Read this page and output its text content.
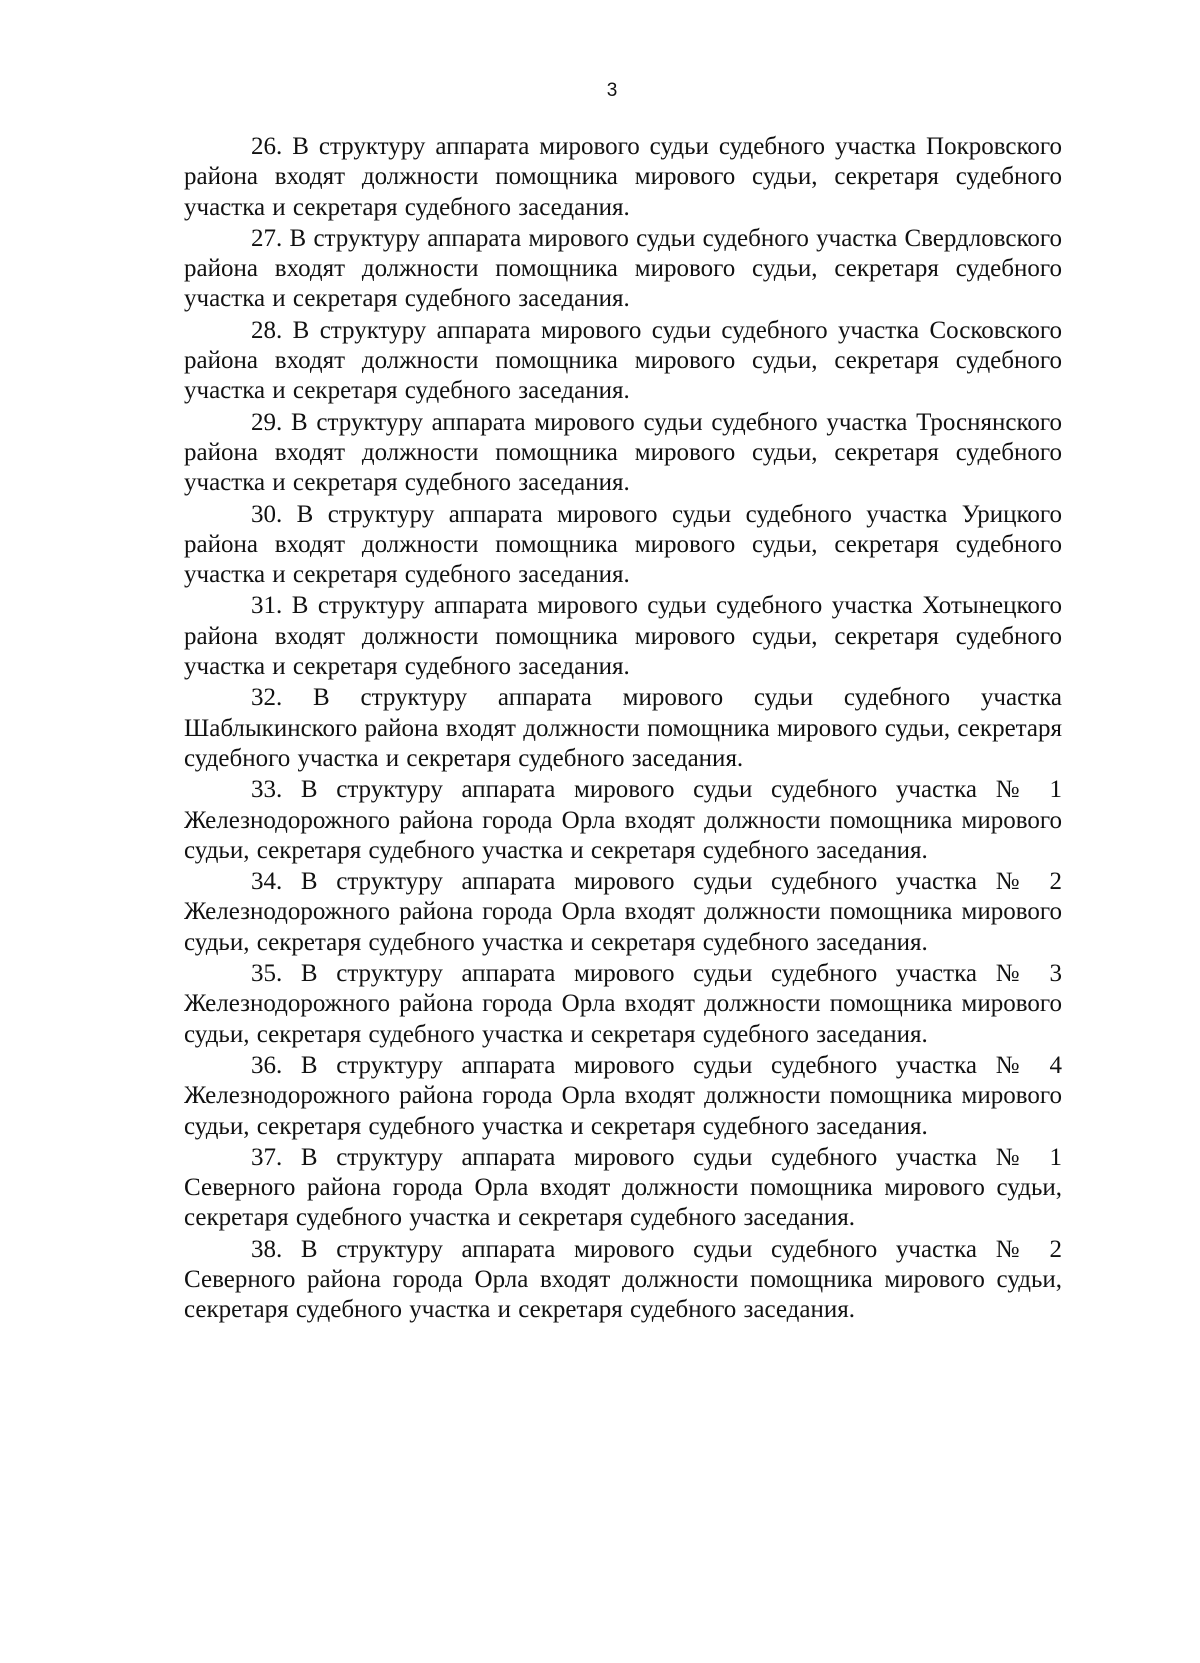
3

26. В структуру аппарата мирового судьи судебного участка Покровского района входят должности помощника мирового судьи, секретаря судебного участка и секретаря судебного заседания.

27. В структуру аппарата мирового судьи судебного участка Свердловского района входят должности помощника мирового судьи, секретаря судебного участка и секретаря судебного заседания.

28. В структуру аппарата мирового судьи судебного участка Сосковского района входят должности помощника мирового судьи, секретаря судебного участка и секретаря судебного заседания.

29. В структуру аппарата мирового судьи судебного участка Троснянского района входят должности помощника мирового судьи, секретаря судебного участка и секретаря судебного заседания.

30. В структуру аппарата мирового судьи судебного участка Урицкого района входят должности помощника мирового судьи, секретаря судебного участка и секретаря судебного заседания.

31. В структуру аппарата мирового судьи судебного участка Хотынецкого района входят должности помощника мирового судьи, секретаря судебного участка и секретаря судебного заседания.

32. В структуру аппарата мирового судьи судебного участка Шаблыкинского района входят должности помощника мирового судьи, секретаря судебного участка и секретаря судебного заседания.

33. В структуру аппарата мирового судьи судебного участка № 1 Железнодорожного района города Орла входят должности помощника мирового судьи, секретаря судебного участка и секретаря судебного заседания.

34. В структуру аппарата мирового судьи судебного участка № 2 Железнодорожного района города Орла входят должности помощника мирового судьи, секретаря судебного участка и секретаря судебного заседания.

35. В структуру аппарата мирового судьи судебного участка № 3 Железнодорожного района города Орла входят должности помощника мирового судьи, секретаря судебного участка и секретаря судебного заседания.

36. В структуру аппарата мирового судьи судебного участка № 4 Железнодорожного района города Орла входят должности помощника мирового судьи, секретаря судебного участка и секретаря судебного заседания.

37. В структуру аппарата мирового судьи судебного участка № 1 Северного района города Орла входят должности помощника мирового судьи, секретаря судебного участка и секретаря судебного заседания.

38. В структуру аппарата мирового судьи судебного участка № 2 Северного района города Орла входят должности помощника мирового судьи, секретаря судебного участка и секретаря судебного заседания.
